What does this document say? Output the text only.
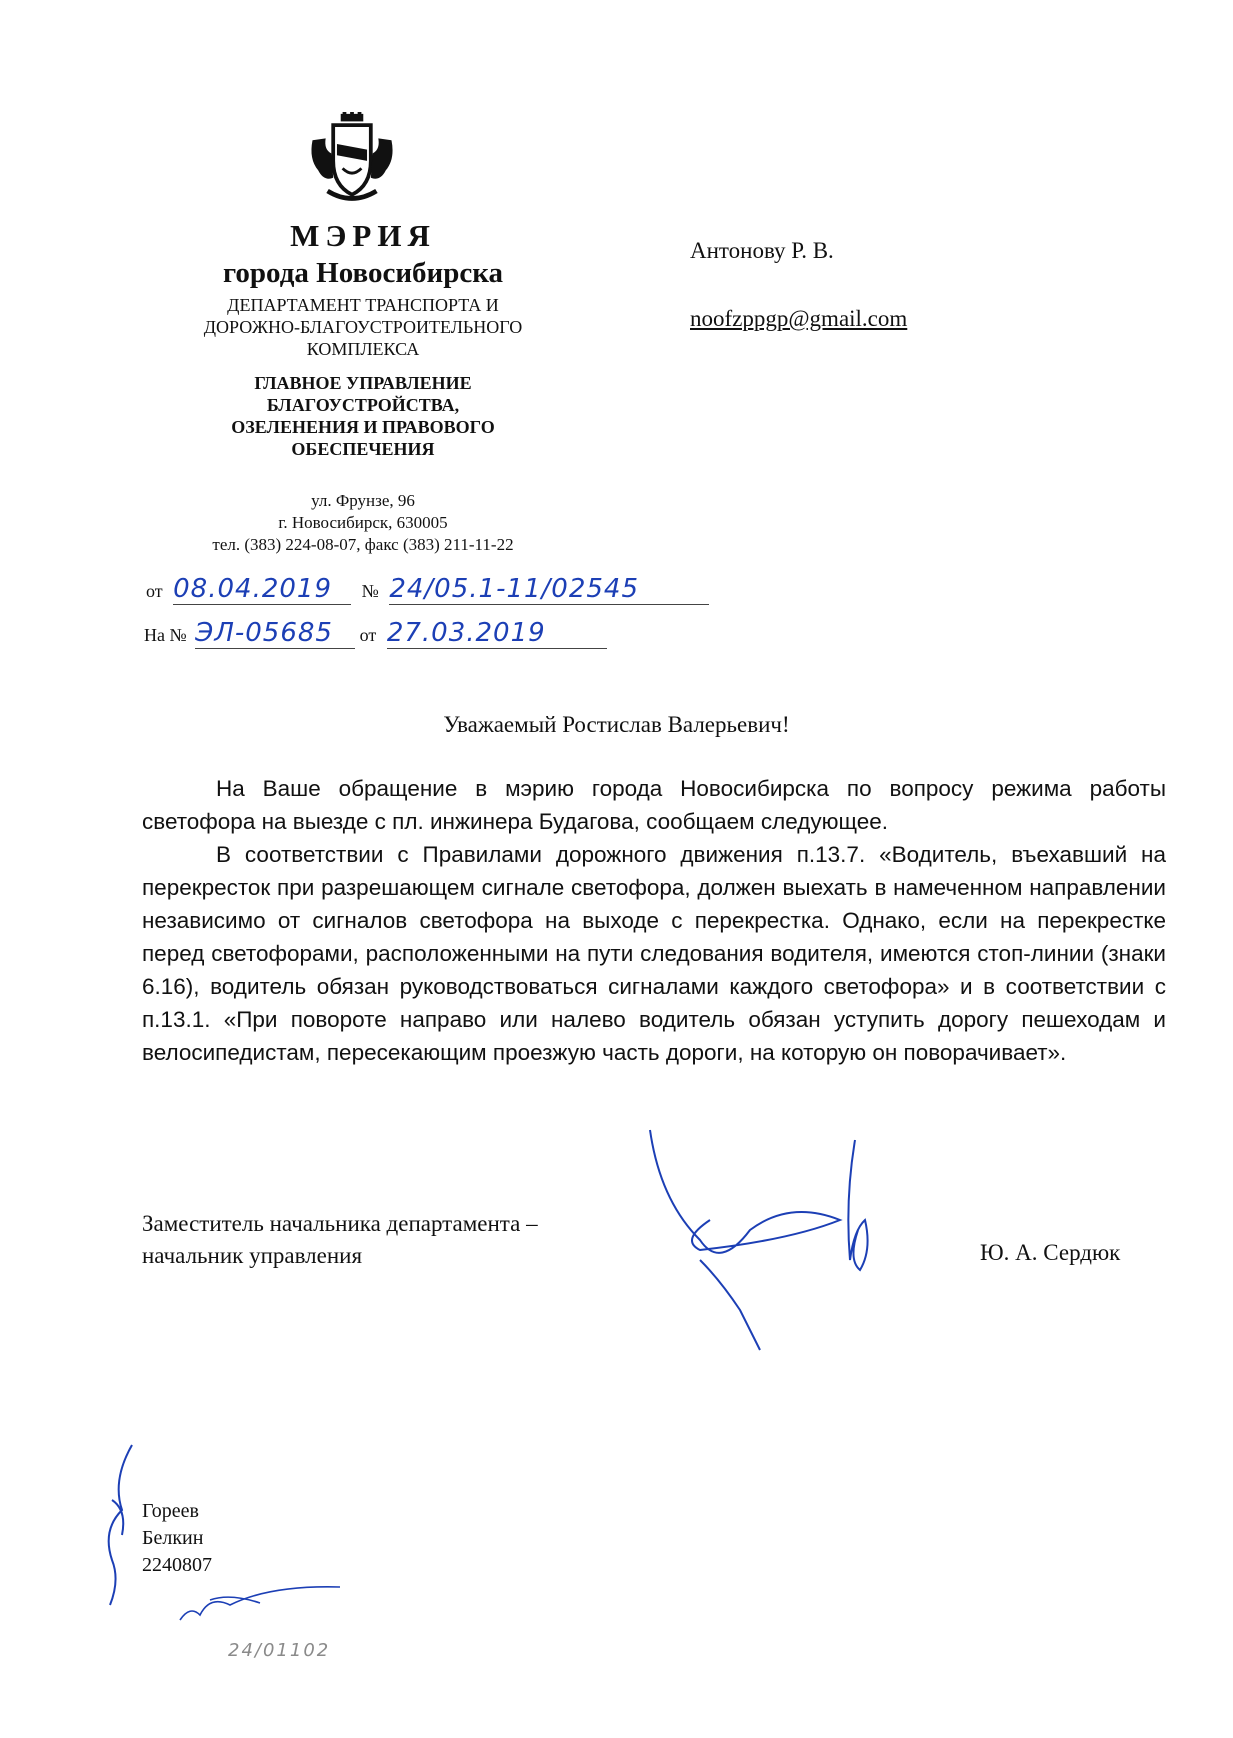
МЭРИЯ
города Новосибирска
ДЕПАРТАМЕНТ ТРАНСПОРТА И
ДОРОЖНО-БЛАГОУСТРОИТЕЛЬНОГО
КОМПЛЕКСА
ГЛАВНОЕ УПРАВЛЕНИЕ
БЛАГОУСТРОЙСТВА,
ОЗЕЛЕНЕНИЯ И ПРАВОВОГО
ОБЕСПЕЧЕНИЯ
ул. Фрунзе, 96
г. Новосибирск, 630005
тел. (383) 224-08-07, факс (383) 211-11-22
от 08.04.2019 № 24/05.1-11/02545
На № ЭЛ-05685 от 27.03.2019
Антонову Р. В.
noofzppgp@gmail.com
Уважаемый Ростислав Валерьевич!

На Ваше обращение в мэрию города Новосибирска по вопросу режима работы светофора на выезде с пл. инжинера Будагова, сообщаем следующее.

В соответствии с Правилами дорожного движения п.13.7. «Водитель, въехавший на перекресток при разрешающем сигнале светофора, должен выехать в намеченном направлении независимо от сигналов светофора на выходе с перекрестка. Однако, если на перекрестке перед светофорами, расположенными на пути следования водителя, имеются стоп-линии (знаки 6.16), водитель обязан руководствоваться сигналами каждого светофора» и в соответствии с п.13.1. «При повороте направо или налево водитель обязан уступить дорогу пешеходам и велосипедистам, пересекающим проезжую часть дороги, на которую он поворачивает».

Заместитель начальника департамента –
начальник управления	Ю. А. Сердюк
Гореев
Белкин
2240807
24/01102
